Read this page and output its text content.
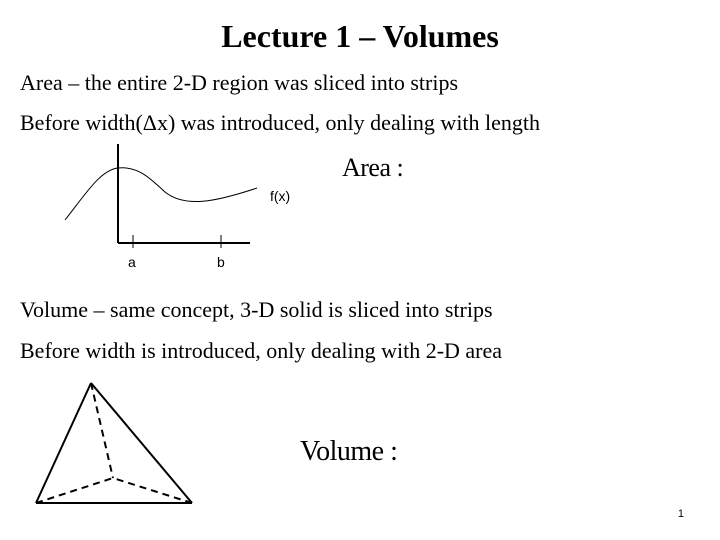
Lecture 1 – Volumes
Area – the entire 2-D region was sliced into strips
Before width(Δx) was introduced, only dealing with length
f(x)
a	b
Area :
Volume – same concept, 3-D solid is sliced into strips
Before width is introduced, only dealing with 2-D area
Volume :
1
